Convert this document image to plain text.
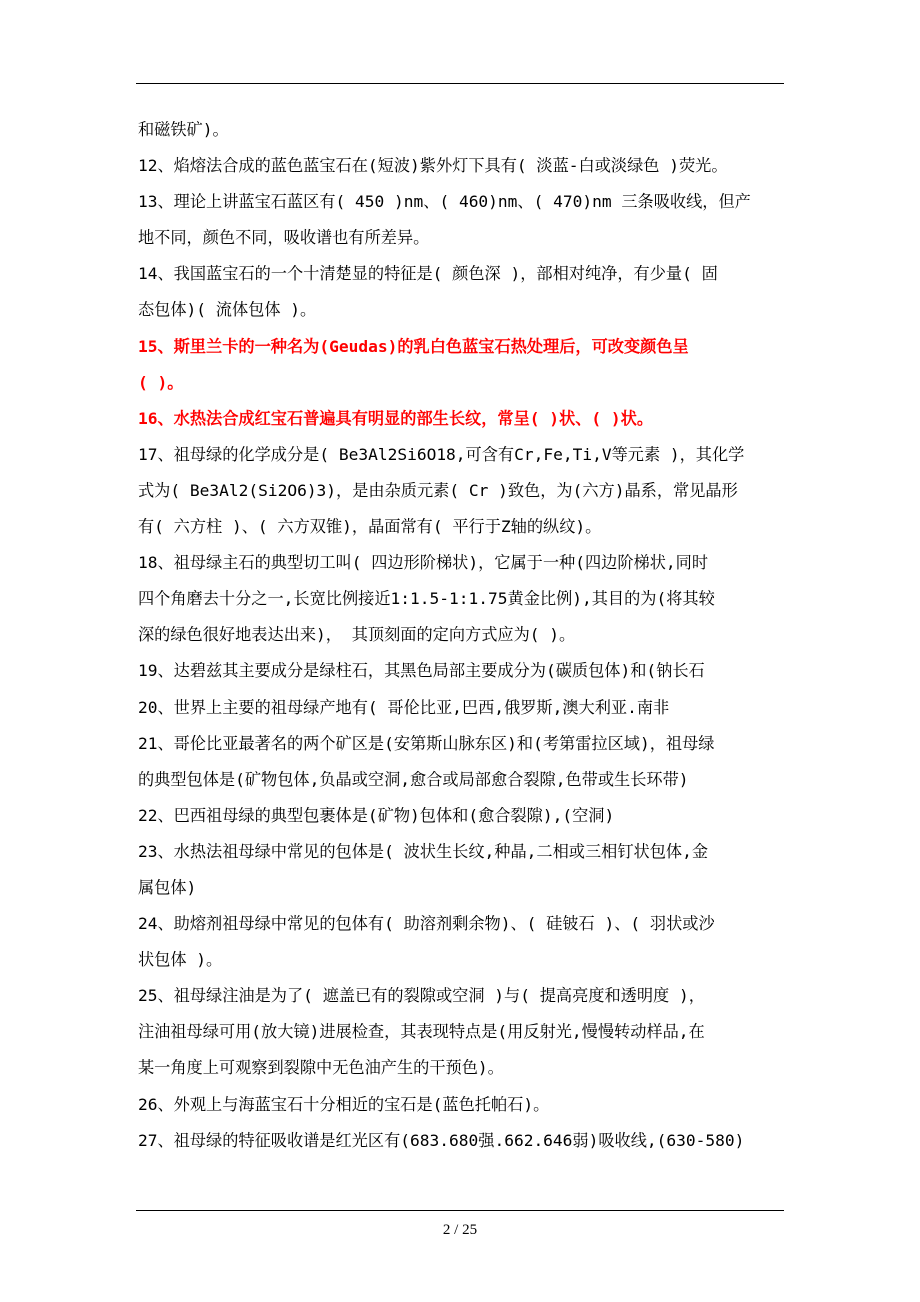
和磁铁矿)。
12、焰熔法合成的蓝色蓝宝石在(短波)紫外灯下具有( 淡蓝-白或淡绿色 )荧光。
13、理论上讲蓝宝石蓝区有( 450 )nm、( 460)nm、( 470)nm 三条吸收线，但产
地不同，颜色不同，吸收谱也有所差异。
14、我国蓝宝石的一个十清楚显的特征是( 颜色深 )，部相对纯净，有少量( 固
态包体)( 流体包体 )。
15、斯里兰卡的一种名为(Geudas)的乳白色蓝宝石热处理后，可改变颜色呈
( )。
16、水热法合成红宝石普遍具有明显的部生长纹，常呈( )状、( )状。
17、祖母绿的化学成分是( Be3Al2Si6O18,可含有Cr,Fe,Ti,V等元素 )，其化学
式为( Be3Al2(Si2O6)3)，是由杂质元素( Cr )致色，为(六方)晶系，常见晶形
有( 六方柱 )、( 六方双锥)，晶面常有( 平行于Z轴的纵纹)。
18、祖母绿主石的典型切工叫( 四边形阶梯状)，它属于一种(四边阶梯状,同时
四个角磨去十分之一,长宽比例接近1:1.5-1:1.75黄金比例),其目的为(将其较
深的绿色很好地表达出来)， 其顶刻面的定向方式应为( )。
19、达碧兹其主要成分是绿柱石，其黑色局部主要成分为(碳质包体)和(钠长石
20、世界上主要的祖母绿产地有( 哥伦比亚,巴西,俄罗斯,澳大利亚.南非
21、哥伦比亚最著名的两个矿区是(安第斯山脉东区)和(考第雷拉区域)，祖母绿
的典型包体是(矿物包体,负晶或空洞,愈合或局部愈合裂隙,色带或生长环带)
22、巴西祖母绿的典型包裹体是(矿物)包体和(愈合裂隙),(空洞)
23、水热法祖母绿中常见的包体是( 波状生长纹,种晶,二相或三相钉状包体,金
属包体)
24、助熔剂祖母绿中常见的包体有( 助溶剂剩余物)、( 硅铍石 )、( 羽状或沙
状包体 )。
25、祖母绿注油是为了( 遮盖已有的裂隙或空洞 )与( 提高亮度和透明度 )，
注油祖母绿可用(放大镜)进展检查，其表现特点是(用反射光,慢慢转动样品,在
某一角度上可观察到裂隙中无色油产生的干预色)。
26、外观上与海蓝宝石十分相近的宝石是(蓝色托帕石)。
27、祖母绿的特征吸收谱是红光区有(683.680强.662.646弱)吸收线,(630-580)
2 / 25
